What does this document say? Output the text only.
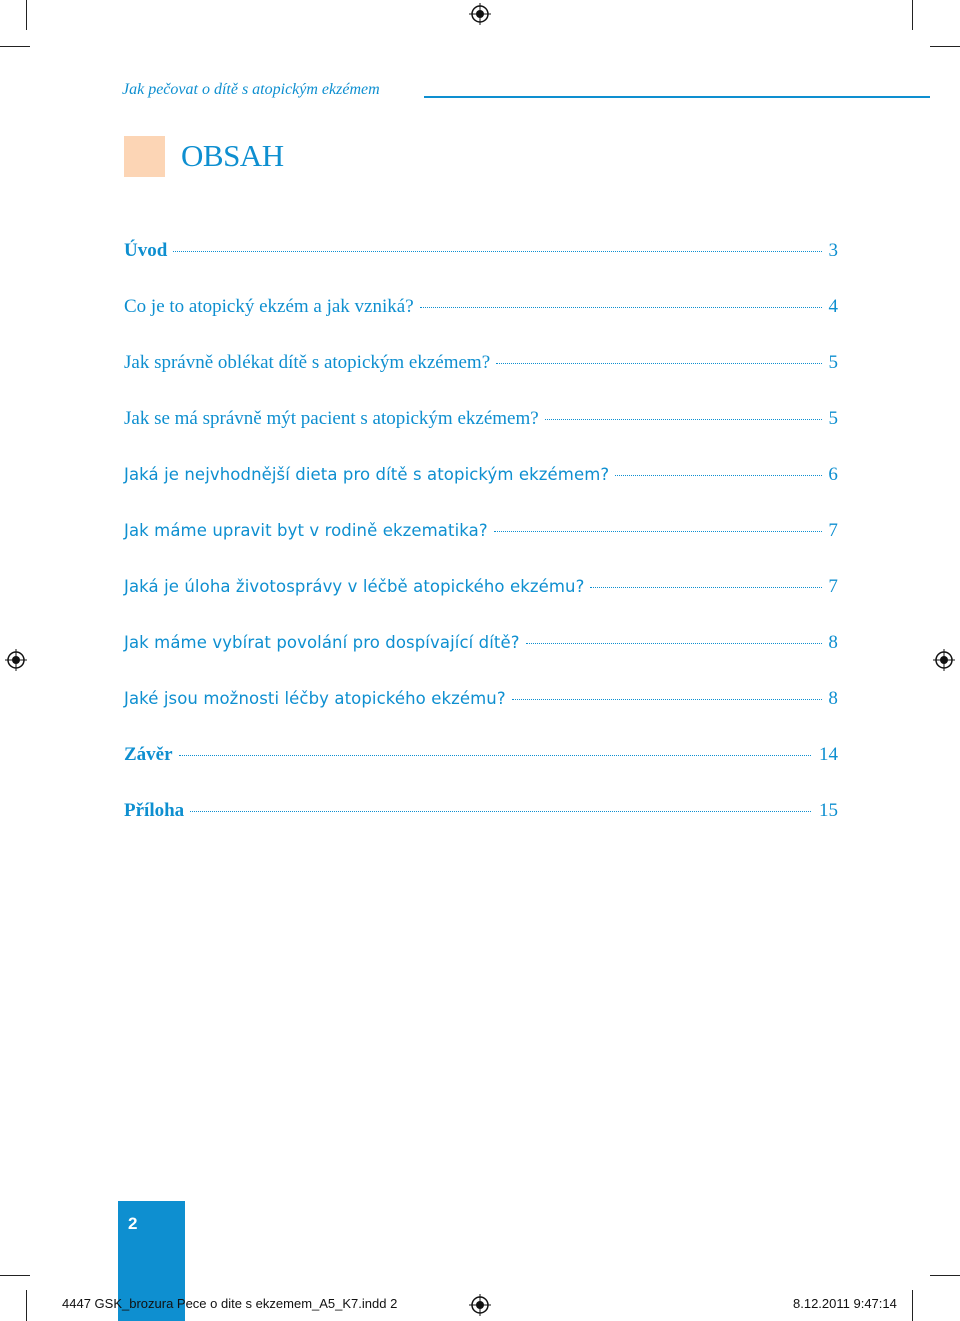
Jak pečovat o dítě s atopickým ekzémem
OBSAH
Úvod	3
Co je to atopický ekzém a jak vzniká?	4
Jak správně oblékat dítě s atopickým ekzémem?	5
Jak se má správně mýt pacient s atopickým ekzémem?	5
Jaká je nejvhodnější dieta pro dítě s atopickým ekzémem?	6
Jak máme upravit byt v rodině ekzematika?	7
Jaká je úloha životosprávy v léčbě atopického ekzému?	7
Jak máme vybírat povolání pro dospívající dítě?	8
Jaké jsou možnosti léčby atopického ekzému?	8
Závěr	14
Příloha	15
2
4447 GSK_brozura Pece o dite s ekzemem_A5_K7.indd 2	8.12.2011 9:47:14
